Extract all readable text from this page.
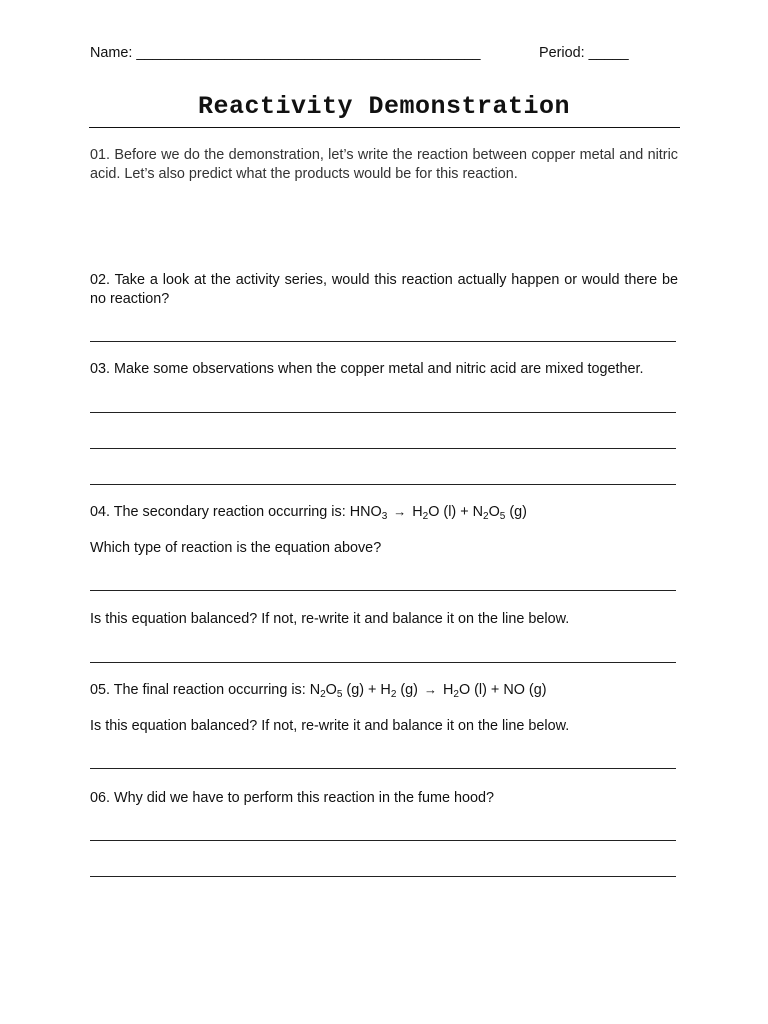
Name: ___________________________________________	Period: _____
Reactivity Demonstration
01. Before we do the demonstration, let’s write the reaction between copper metal and nitric acid. Let’s also predict what the products would be for this reaction.
02. Take a look at the activity series, would this reaction actually happen or would there be no reaction?
03. Make some observations when the copper metal and nitric acid are mixed together.
04. The secondary reaction occurring is: $HNO_3 \to H_2O$ $(l) + N_2O_5$ (g)
Which type of reaction is the equation above?
Is this equation balanced? If not, re-write it and balance it on the line below.
05. The final reaction occurring is: $N_2O_5$ $(g) + H_2$ $(g) \to H_2O$ (l) + NO (g)
Is this equation balanced? If not, re-write it and balance it on the line below.
06. Why did we have to perform this reaction in the fume hood?
